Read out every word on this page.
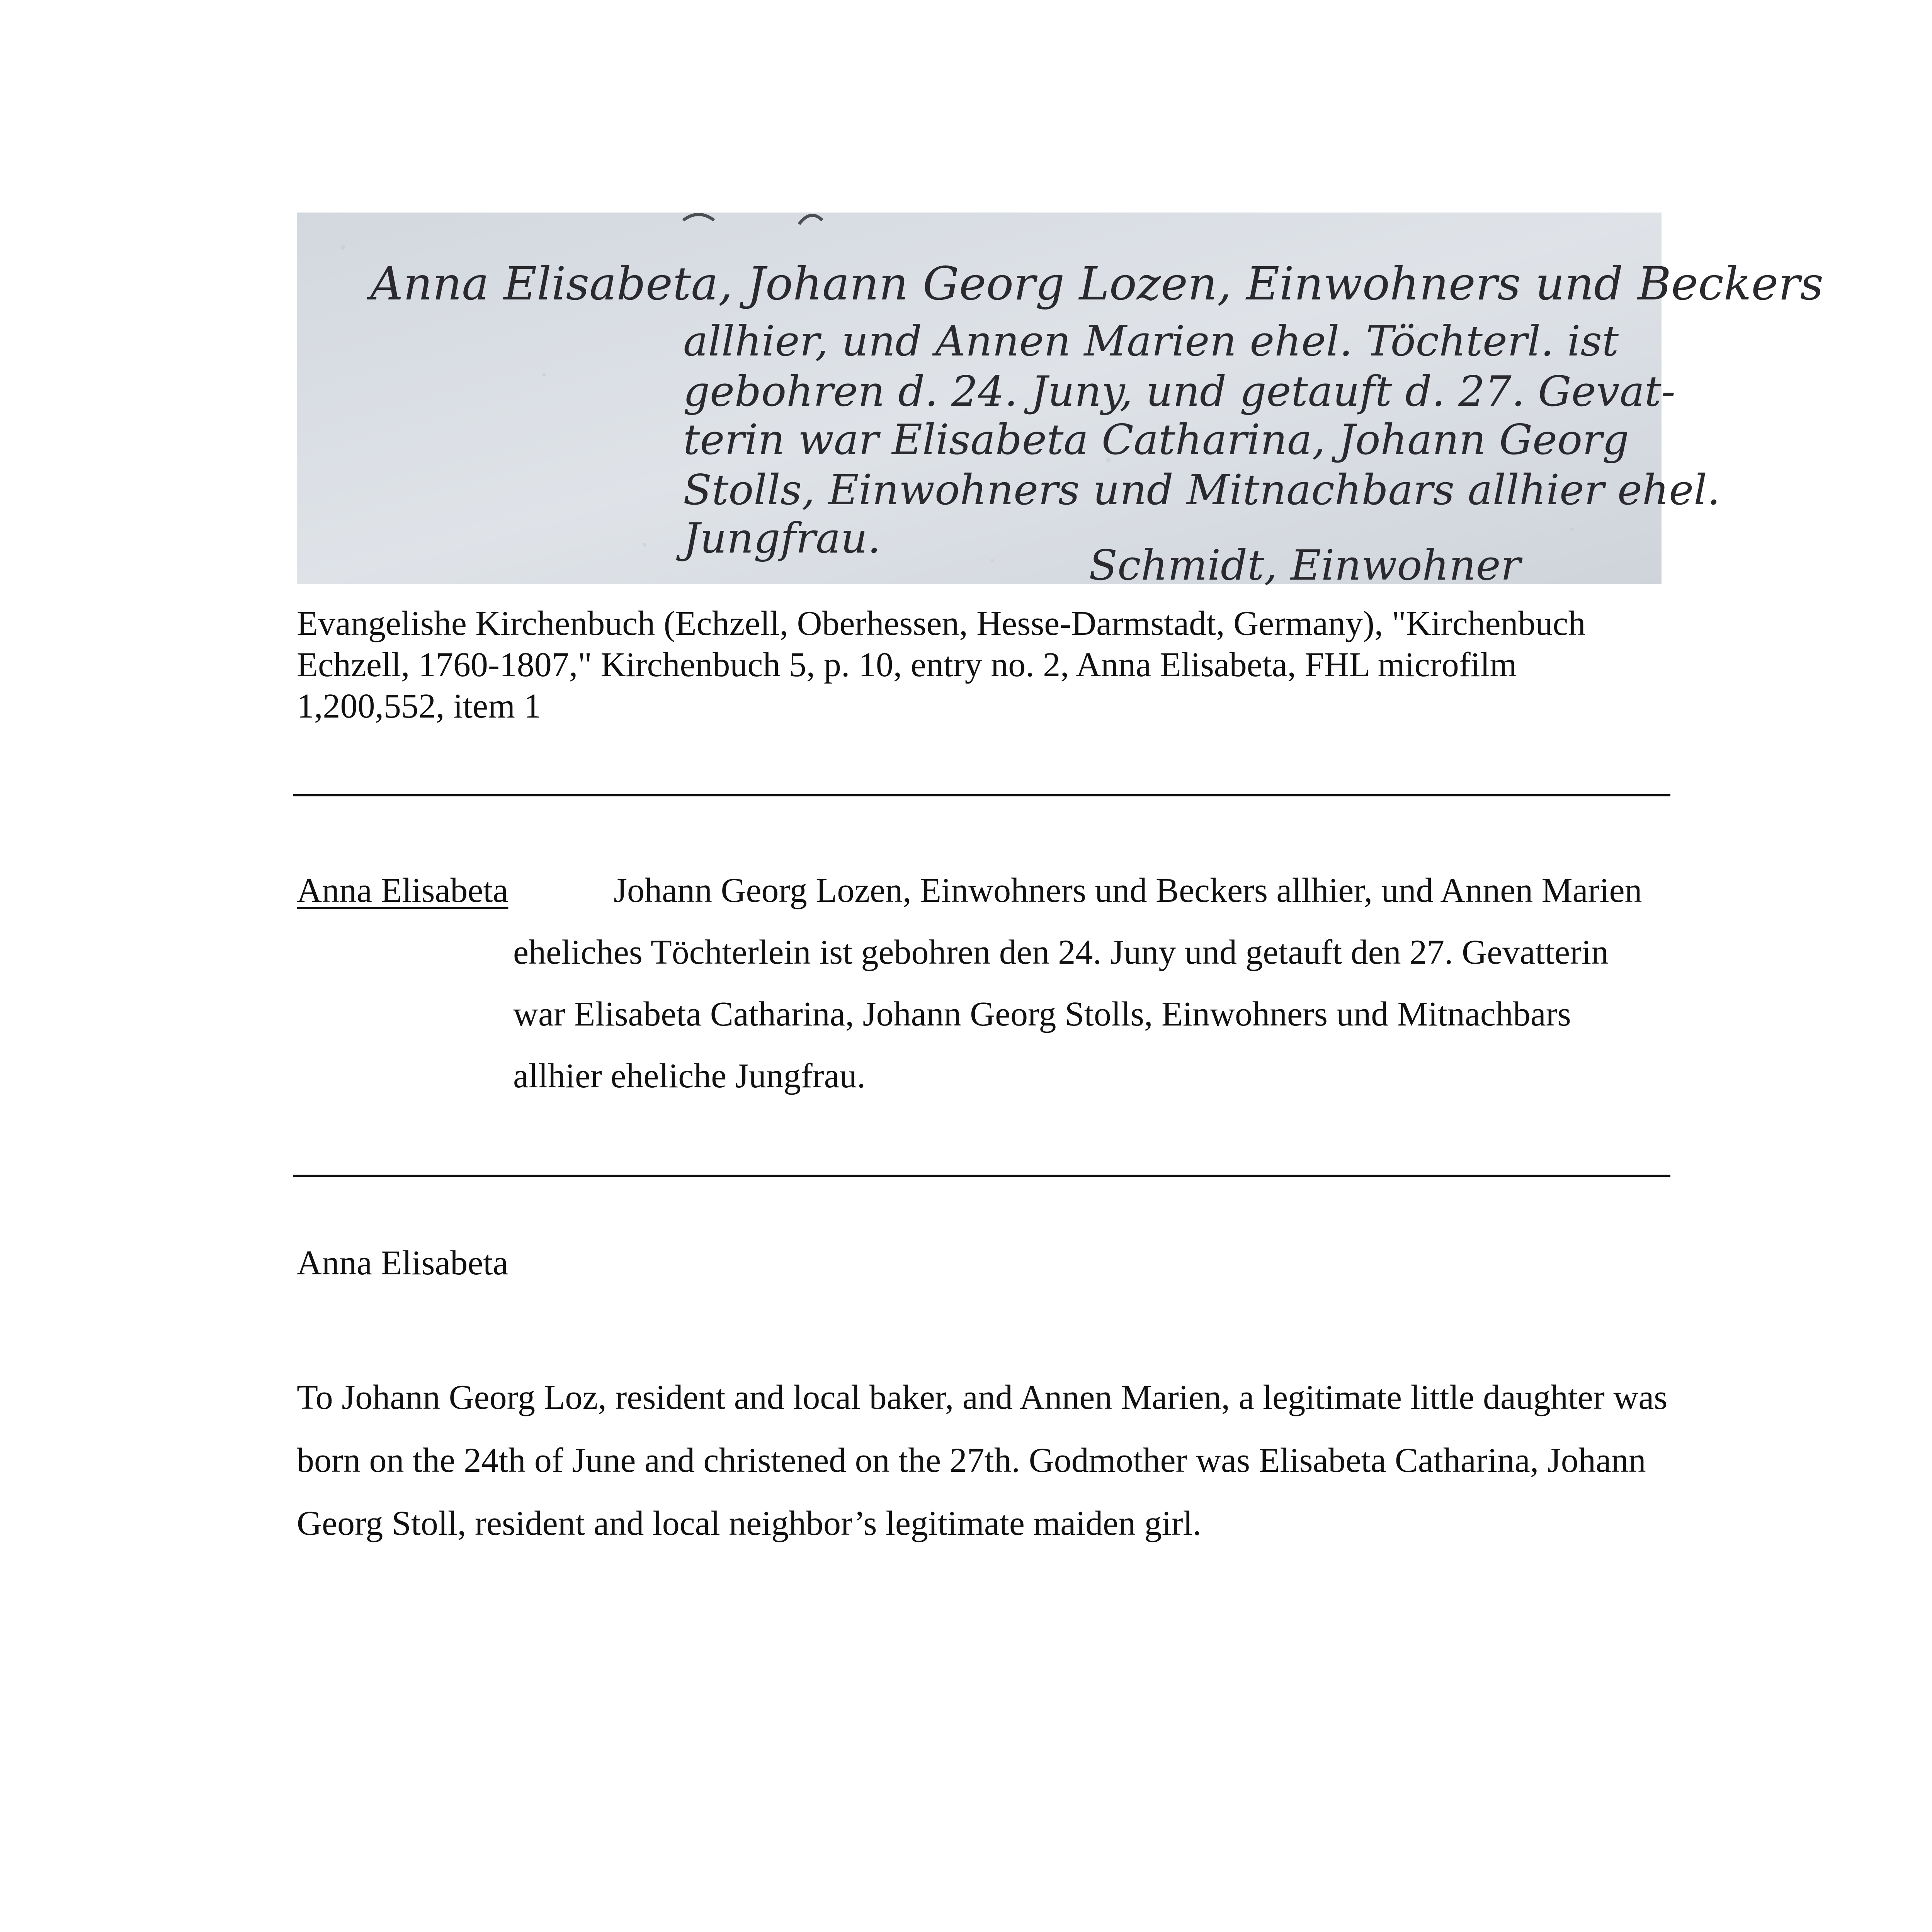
Anna Elisabeta, Johann Georg Lozen, Einwohners und Beckers
allhier, und Annen Marien ehel. Töchterl. ist
gebohren d. 24. Juny, und getauft d. 27. Gevat-
terin war Elisabeta Catharina, Johann Georg
Stolls, Einwohners und Mitnachbars allhier ehel.
Jungfrau.
Schmidt, Einwohner
Evangelishe Kirchenbuch (Echzell, Oberhessen, Hesse-Darmstadt, Germany), "Kirchenbuch Echzell, 1760-1807," Kirchenbuch 5, p. 10, entry no. 2, Anna Elisabeta, FHL microfilm 1,200,552, item 1
Anna Elisabeta	Johann Georg Lozen, Einwohners und Beckers allhier, und Annen Marien eheliches Töchterlein ist gebohren den 24. Juny und getauft den 27. Gevatterin war Elisabeta Catharina, Johann Georg Stolls, Einwohners und Mitnachbars allhier eheliche Jungfrau.
Anna Elisabeta
To Johann Georg Loz, resident and local baker, and Annen Marien, a legitimate little daughter was born on the 24th of June and christened on the 27th. Godmother was Elisabeta Catharina, Johann Georg Stoll, resident and local neighbor’s legitimate maiden girl.
